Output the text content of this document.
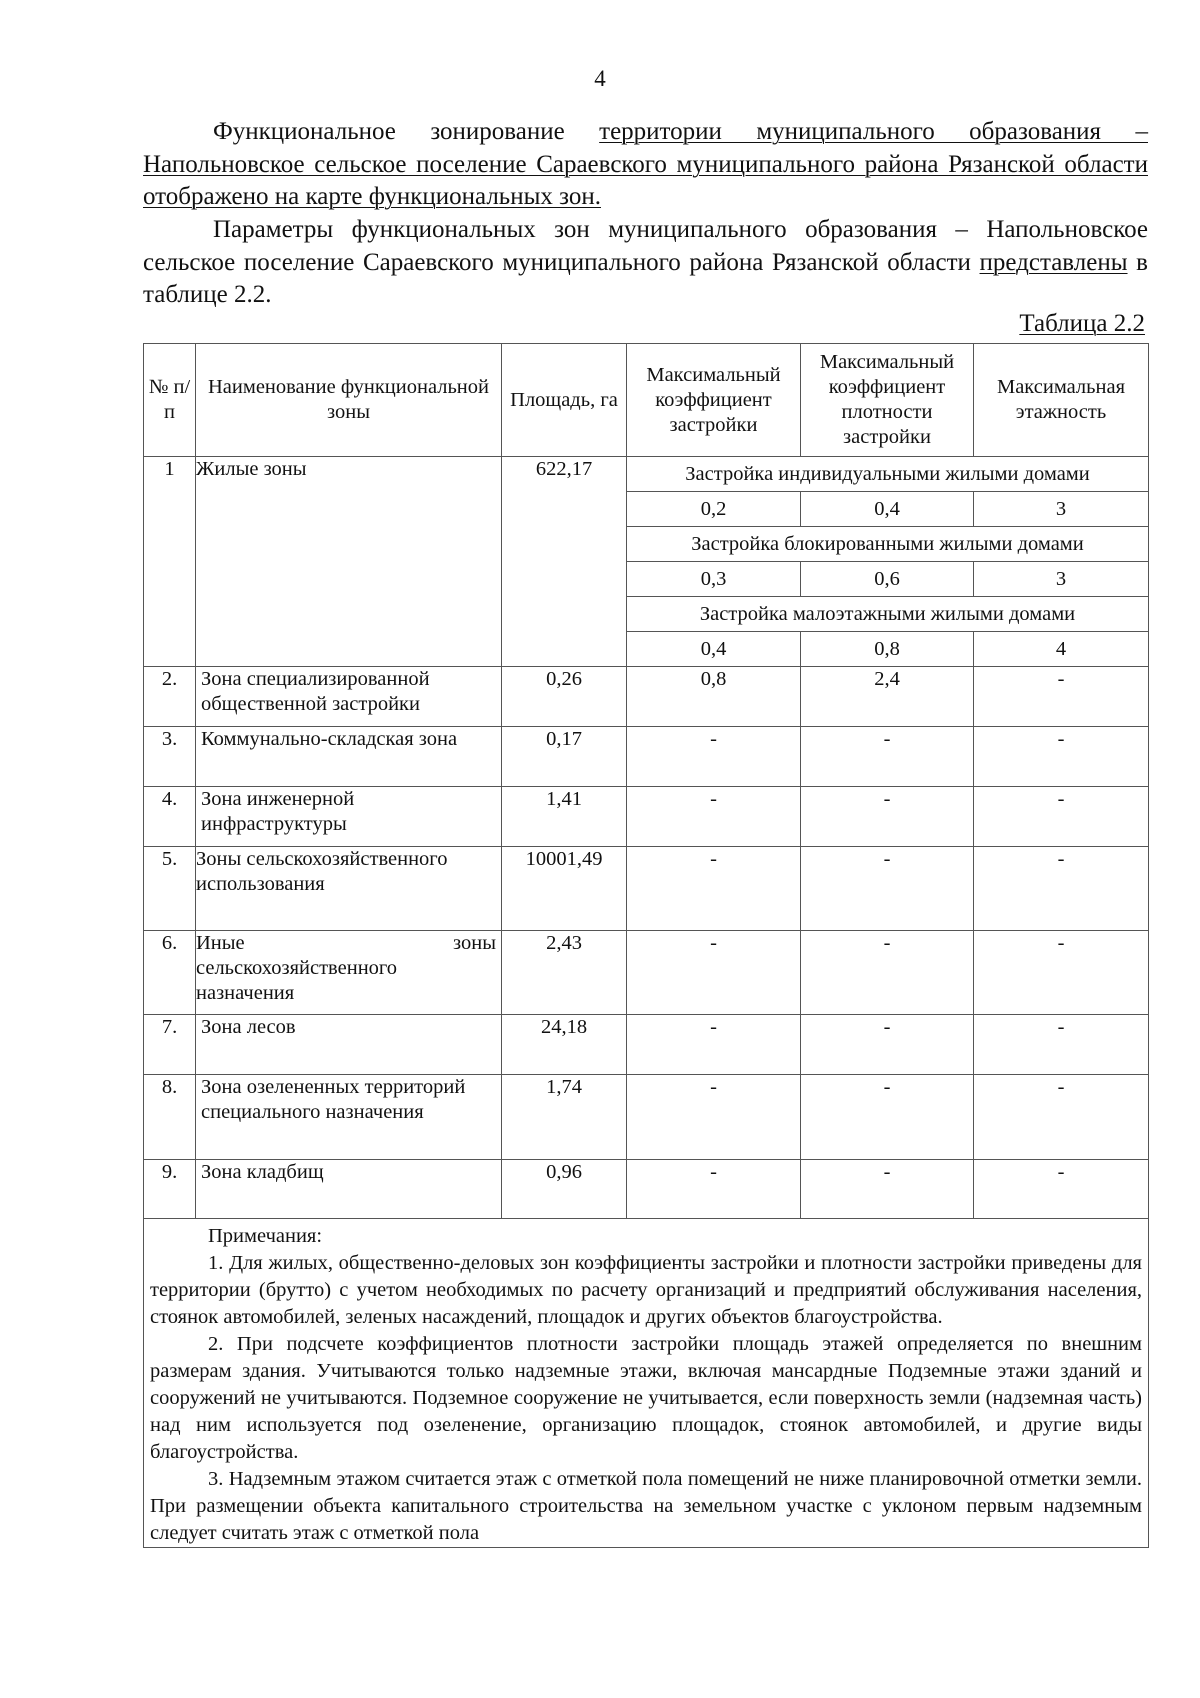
4
Функциональное зонирование территории муниципального образования – Напольновское сельское поселение Сараевского муниципального района Рязанской области отображено на карте функциональных зон.
Параметры функциональных зон муниципального образования – Напольновское сельское поселение Сараевского муниципального района Рязанской области представлены в таблице 2.2.
Таблица 2.2
№ п/п	Наименование функциональной зоны	Площадь, га	Максимальный коэффициент застройки	Максимальный коэффициент плотности застройки	Максимальная этажность
1	Жилые зоны	622,17	Застройка индивидуальными жилыми домами		
			0,2	0,4	3
			Застройка блокированными жилыми домами		
			0,3	0,6	3
			Застройка малоэтажными жилыми домами		
			0,4	0,8	4
2.	Зона специализированной общественной застройки	0,26	0,8	2,4	-
3.	Коммунально-складская зона	0,17	-	-	-
4.	Зона инженерной инфраструктуры	1,41	-	-	-
5.	Зоны сельскохозяйственного использования	10001,49	-	-	-
6.	Иные зоны сельскохозяйственного назначения	2,43	-	-	-
7.	Зона лесов	24,18	-	-	-
8.	Зона озелененных территорий специального назначения	1,74	-	-	-
9.	Зона кладбищ	0,96	-	-	-

Примечания:

1. Для жилых, общественно-деловых зон коэффициенты застройки и плотности застройки приведены для территории (брутто) с учетом необходимых по расчету организаций и предприятий обслуживания населения, стоянок автомобилей, зеленых насаждений, площадок и других объектов благоустройства.

2. При подсчете коэффициентов плотности застройки площадь этажей определяется по внешним размерам здания. Учитываются только надземные этажи, включая мансардные Подземные этажи зданий и сооружений не учитываются. Подземное сооружение не учитывается, если поверхность земли (надземная часть) над ним используется под озеленение, организацию площадок, стоянок автомобилей, и другие виды благоустройства.

3. Надземным этажом считается этаж с отметкой пола помещений не ниже планировочной отметки земли. При размещении объекта капитального строительства на земельном участке с уклоном первым надземным следует считать этаж с отметкой пола					
